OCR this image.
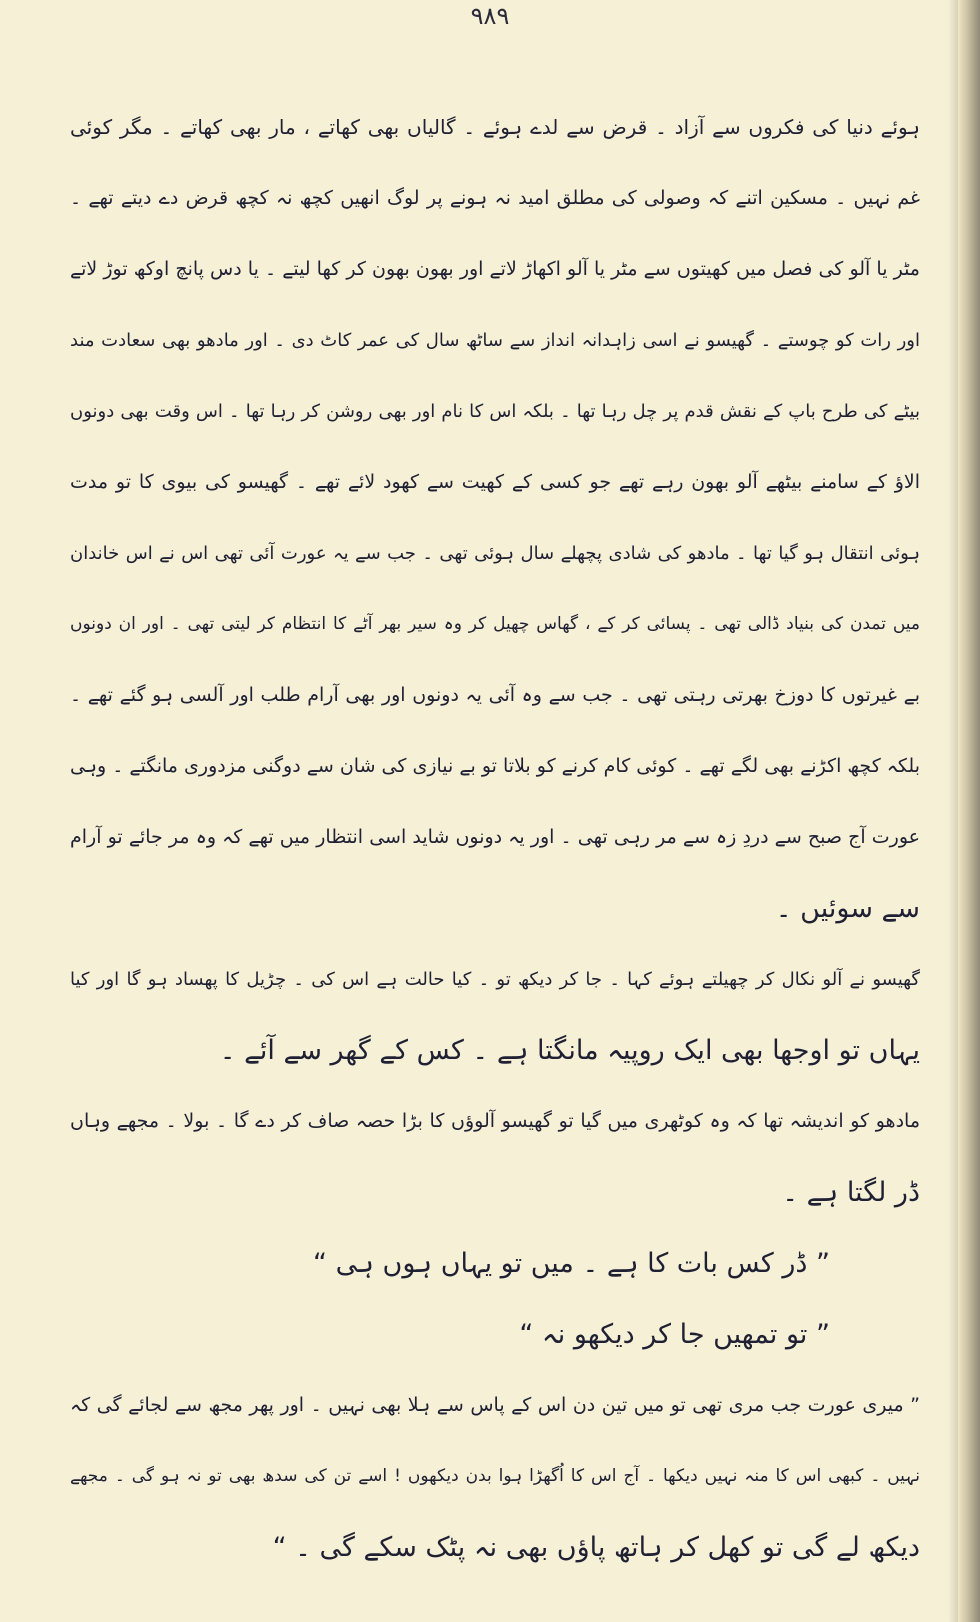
٩٨٩
ہوئے دنیا کی فکروں سے آزاد ۔ قرض سے لدے ہوئے ۔ گالیاں بھی کھاتے ، مار بھی کھاتے ۔ مگر کوئی
غم نہیں ۔ مسکین اتنے کہ وصولی کی مطلق امید نہ ہونے پر لوگ انھیں کچھ نہ کچھ قرض دے دیتے تھے ۔
مٹر یا آلو کی فصل میں کھیتوں سے مٹر یا آلو اکھاڑ لاتے اور بھون بھون کر کھا لیتے ۔ یا دس پانچ اوکھ توڑ لاتے
اور رات کو چوستے ۔ گھیسو نے اسی زاہدانہ انداز سے ساٹھ سال کی عمر کاٹ دی ۔ اور مادھو بھی سعادت مند
بیٹے کی طرح باپ کے نقش قدم پر چل رہا تھا ۔ بلکہ اس کا نام اور بھی روشن کر رہا تھا ۔ اس وقت بھی دونوں
الاؤ کے سامنے بیٹھے آلو بھون رہے تھے جو کسی کے کھیت سے کھود لائے تھے ۔ گھیسو کی بیوی کا تو مدت
ہوئی انتقال ہو گیا تھا ۔ مادھو کی شادی پچھلے سال ہوئی تھی ۔ جب سے یہ عورت آئی تھی اس نے اس خاندان
میں تمدن کی بنیاد ڈالی تھی ۔ پسائی کر کے ، گھاس چھیل کر وہ سیر بھر آٹے کا انتظام کر لیتی تھی ۔ اور ان دونوں
بے غیرتوں کا دوزخ بھرتی رہتی تھی ۔ جب سے وہ آئی یہ دونوں اور بھی آرام طلب اور آلسی ہو گئے تھے ۔
بلکہ کچھ اکڑنے بھی لگے تھے ۔ کوئی کام کرنے کو بلاتا تو بے نیازی کی شان سے دوگنی مزدوری مانگتے ۔ وہی
عورت آج صبح سے دردِ زہ سے مر رہی تھی ۔ اور یہ دونوں شاید اسی انتظار میں تھے کہ وہ مر جائے تو آرام
سے سوئیں ۔
گھیسو نے آلو نکال کر چھیلتے ہوئے کہا ۔ جا کر دیکھ تو ۔ کیا حالت ہے اس کی ۔ چڑیل کا پھساد ہو گا اور کیا
یہاں تو اوجھا بھی ایک روپیہ مانگتا ہے ۔ کس کے گھر سے آئے ۔
مادھو کو اندیشہ تھا کہ وہ کوٹھری میں گیا تو گھیسو آلوؤں کا بڑا حصہ صاف کر دے گا ۔ بولا ۔ مجھے وہاں
ڈر لگتا ہے ۔
” ڈر کس بات کا ہے ۔ میں تو یہاں ہوں ہی “
” تو تمھیں جا کر دیکھو نہ “
” میری عورت جب مری تھی تو میں تین دن اس کے پاس سے ہلا بھی نہیں ۔ اور پھر مجھ سے لجائے گی کہ
نہیں ۔ کبھی اس کا منہ نہیں دیکھا ۔ آج اس کا اُگھڑا ہوا بدن دیکھوں ! اسے تن کی سدھ بھی تو نہ ہو گی ۔ مجھے
دیکھ لے گی تو کھل کر ہاتھ پاؤں بھی نہ پٹک سکے گی ۔ “
